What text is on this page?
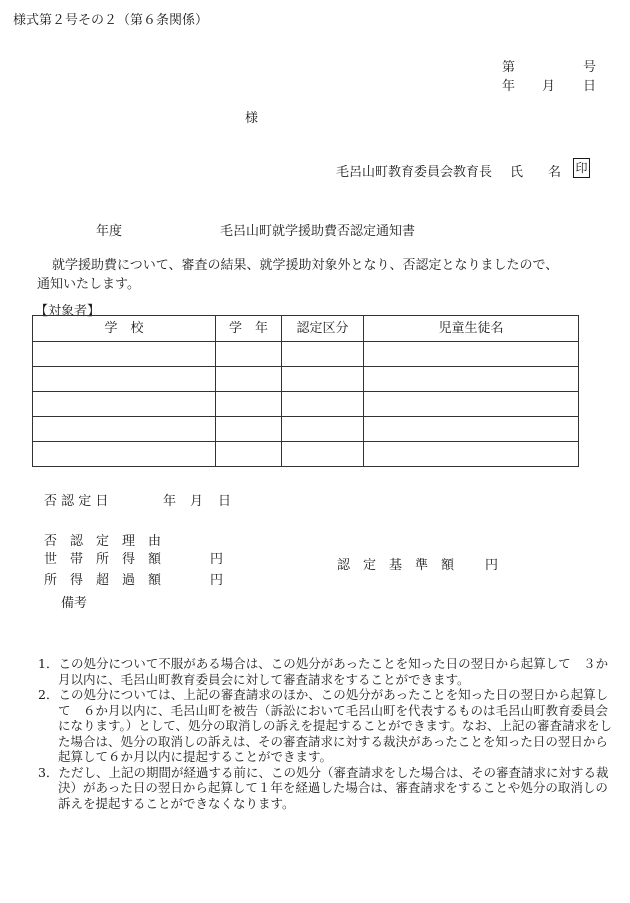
様式第２号その２（第６条関係）
第	号
年 月 日
様
毛呂山町教育委員会教育長 氏 名 印
年度	毛呂山町就学援助費否認定通知書

就学援助費について、審査の結果、就学援助対象外となり、否認定となりましたので、

通知いたします。

【対象者】
学　校	学　年	認定区分	児童生徒名

否 認 定 日	年 月 日
否　認　定　理　由
世　帯　所　得　額	円	認　定　基　準　額 円
所　得　超　過　額	円
備考

1．この処分について不服がある場合は、この処分があったことを知った日の翌日から起算して　３か月以内に、毛呂山町教育委員会に対して審査請求をすることができます。

2．この処分については、上記の審査請求のほか、この処分があったことを知った日の翌日から起算して　６か月以内に、毛呂山町を被告（訴訟において毛呂山町を代表するものは毛呂山町教育委員会になります。）として、処分の取消しの訴えを提起することができます。なお、上記の審査請求をした場合は、処分の取消しの訴えは、その審査請求に対する裁決があったことを知った日の翌日から起算して６か月以内に提起することができます。

3．ただし、上記の期間が経過する前に、この処分（審査請求をした場合は、その審査請求に対する裁決）があった日の翌日から起算して１年を経過した場合は、審査請求をすることや処分の取消しの訴えを提起することができなくなります。
